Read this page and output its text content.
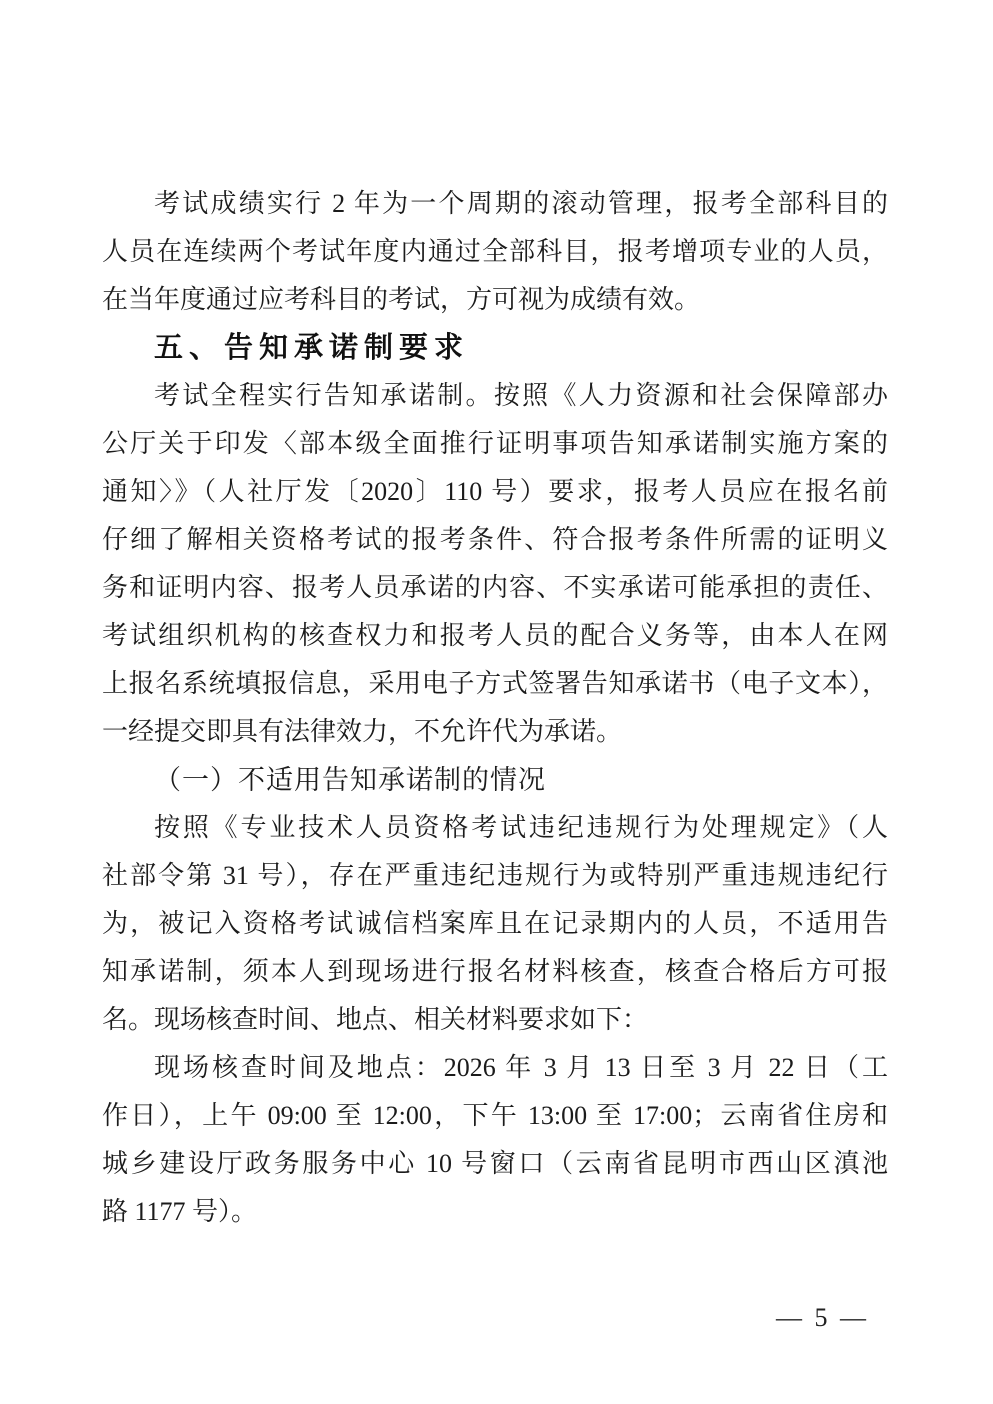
考试成绩实行 2 年为一个周期的滚动管理，报考全部科目的
人员在连续两个考试年度内通过全部科目，报考增项专业的人员，
在当年度通过应考科目的考试，方可视为成绩有效。
五、告知承诺制要求
考试全程实行告知承诺制。按照《人力资源和社会保障部办
公厅关于印发〈部本级全面推行证明事项告知承诺制实施方案的
通知〉》（人社厅发〔2020〕110 号）要求，报考人员应在报名前
仔细了解相关资格考试的报考条件、符合报考条件所需的证明义
务和证明内容、报考人员承诺的内容、不实承诺可能承担的责任、
考试组织机构的核查权力和报考人员的配合义务等，由本人在网
上报名系统填报信息，采用电子方式签署告知承诺书（电子文本），
一经提交即具有法律效力，不允许代为承诺。
（一）不适用告知承诺制的情况
按照《专业技术人员资格考试违纪违规行为处理规定》（人
社部令第 31 号），存在严重违纪违规行为或特别严重违规违纪行
为，被记入资格考试诚信档案库且在记录期内的人员，不适用告
知承诺制，须本人到现场进行报名材料核查，核查合格后方可报
名。现场核查时间、地点、相关材料要求如下：
现场核查时间及地点：2026 年 3 月 13 日至 3 月 22 日（工
作日），上午 09:00 至 12:00，下午 13:00 至 17:00；云南省住房和
城乡建设厅政务服务中心 10 号窗口（云南省昆明市西山区滇池
路 1177 号）。
— 5 —
